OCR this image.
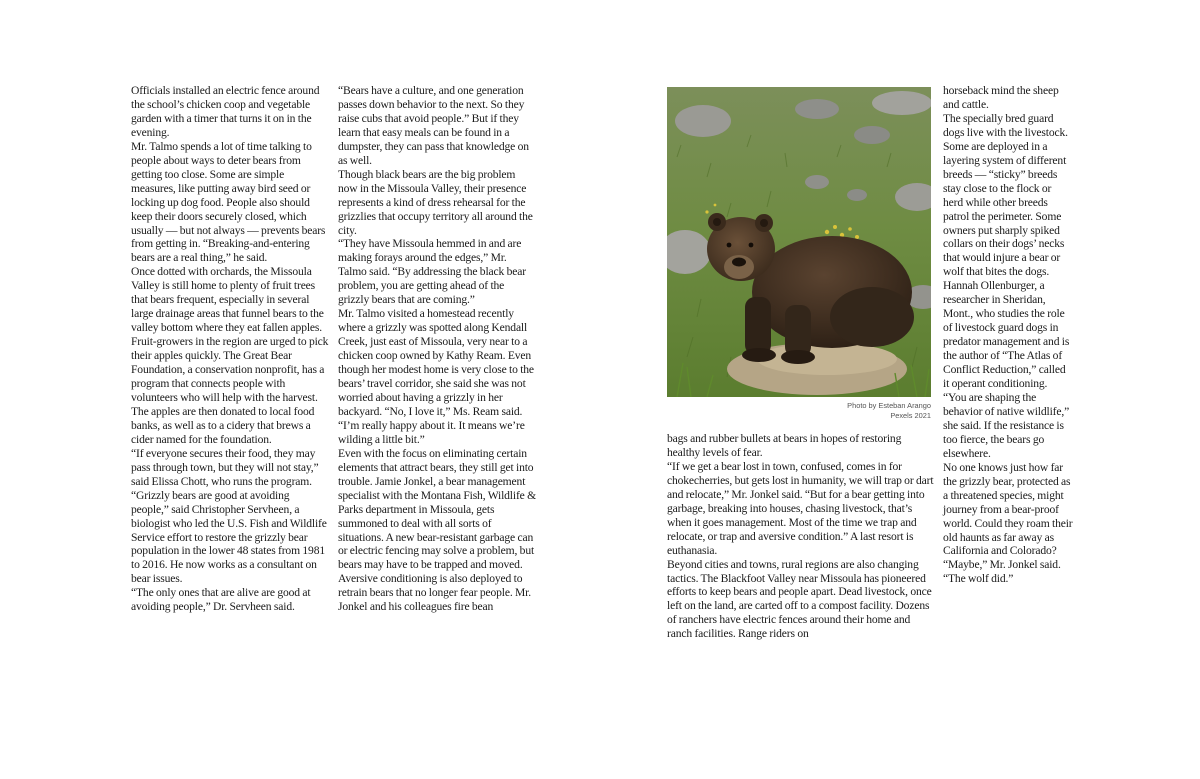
Officials installed an electric fence around the school’s chicken coop and vegetable garden with a timer that turns it on in the evening.

Mr. Talmo spends a lot of time talking to people about ways to deter bears from getting too close. Some are simple measures, like putting away bird seed or locking up dog food. People also should keep their doors securely closed, which usually — but not always — prevents bears from getting in. “Breaking-and-entering bears are a real thing,” he said.

Once dotted with orchards, the Missoula Valley is still home to plenty of fruit trees that bears frequent, especially in several large drainage areas that funnel bears to the valley bottom where they eat fallen apples.

Fruit-growers in the region are urged to pick their apples quickly. The Great Bear Foundation, a conservation nonprofit, has a program that connects people with volunteers who will help with the harvest. The apples are then donated to local food banks, as well as to a cidery that brews a cider named for the foundation.

“If everyone secures their food, they may pass through town, but they will not stay,” said Elissa Chott, who runs the program.

“Grizzly bears are good at avoiding people,” said Christopher Servheen, a biologist who led the U.S. Fish and Wildlife Service effort to restore the grizzly bear population in the lower 48 states from 1981 to 2016. He now works as a consultant on bear issues.

“The only ones that are alive are good at avoiding people,” Dr. Servheen said.

“Bears have a culture, and one generation passes down behavior to the next. So they raise cubs that avoid people.” But if they learn that easy meals can be found in a dumpster, they can pass that knowledge on as well.

Though black bears are the big problem now in the Missoula Valley, their presence represents a kind of dress rehearsal for the grizzlies that occupy territory all around the city.

“They have Missoula hemmed in and are making forays around the edges,” Mr. Talmo said. “By addressing the black bear problem, you are getting ahead of the grizzly bears that are coming.”

Mr. Talmo visited a homestead recently where a grizzly was spotted along Kendall Creek, just east of Missoula, very near to a chicken coop owned by Kathy Ream. Even though her modest home is very close to the bears’ travel corridor, she said she was not worried about having a grizzly in her backyard. “No, I love it,” Ms. Ream said. “I’m really happy about it. It means we’re wilding a little bit.”

Even with the focus on eliminating certain elements that attract bears, they still get into trouble. Jamie Jonkel, a bear management specialist with the Montana Fish, Wildlife & Parks department in Missoula, gets summoned to deal with all sorts of situations. A new bear-resistant garbage can or electric fencing may solve a problem, but bears may have to be trapped and moved. Aversive conditioning is also deployed to retrain bears that no longer fear people. Mr. Jonkel and his colleagues fire bean

Photo by Esteban Arango
Pexels 2021

bags and rubber bullets at bears in hopes of restoring healthy levels of fear.

“If we get a bear lost in town, confused, comes in for chokecherries, but gets lost in humanity, we will trap or dart and relocate,” Mr. Jonkel said. “But for a bear getting into garbage, breaking into houses, chasing livestock, that’s when it goes management. Most of the time we trap and relocate, or trap and aversive condition.” A last resort is euthanasia.

Beyond cities and towns, rural regions are also changing tactics. The Blackfoot Valley near Missoula has pioneered efforts to keep bears and people apart. Dead livestock, once left on the land, are carted off to a compost facility. Dozens of ranchers have electric fences around their home and ranch facilities. Range riders on

horseback mind the sheep and cattle.

The specially bred guard dogs live with the livestock. Some are deployed in a layering system of different breeds — “sticky” breeds stay close to the flock or herd while other breeds patrol the perimeter. Some owners put sharply spiked collars on their dogs’ necks that would injure a bear or wolf that bites the dogs.

Hannah Ollenburger, a researcher in Sheridan, Mont., who studies the role of livestock guard dogs in predator management and is the author of “The Atlas of Conflict Reduction,” called it operant conditioning.

“You are shaping the behavior of native wildlife,” she said. If the resistance is too fierce, the bears go elsewhere.

No one knows just how far the grizzly bear, protected as a threatened species, might journey from a bear-proof world. Could they roam their old haunts as far away as California and Colorado?

“Maybe,” Mr. Jonkel said. “The wolf did.”
